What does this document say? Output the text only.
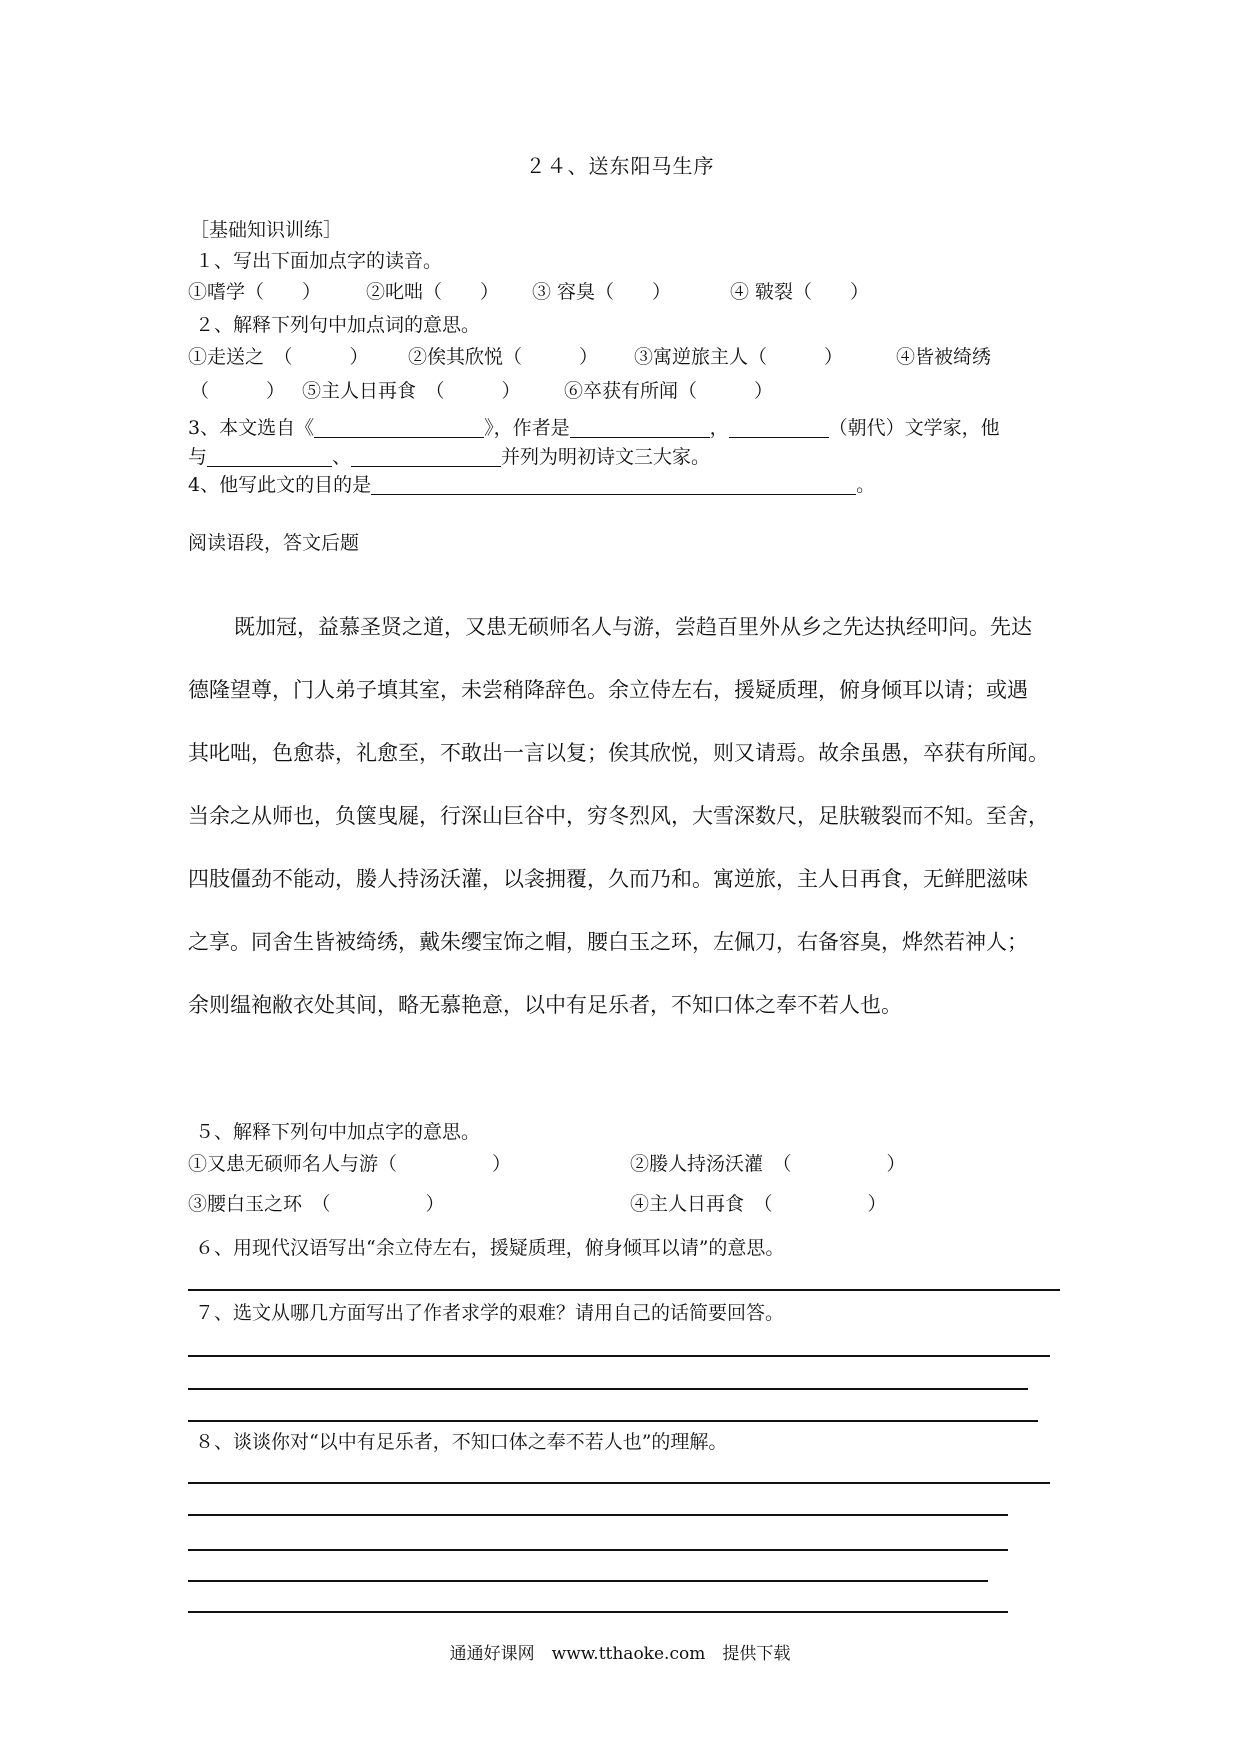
２４、送东阳马生序
［基础知识训练］
１、写出下面加点字的读音。
①嗜学（　　） ②叱咄（　　） ③ 容臭（　　）	④ 皲裂（　　）
２、解释下列句中加点词的意思。
①走送之　（　　　） ②俟其欣悦（　　　） ③寓逆旅主人（　　　）	④皆被绮绣
（　　　） ⑤主人日再食　（　　　） ⑥卒获有所闻（　　　）
3、本文选自《	》，作者是	，	（朝代）文学家，他
与	、	并列为明初诗文三大家。
4、他写此文的目的是	。
阅读语段，答文后题
既加冠，益慕圣贤之道，又患无硕师名人与游，尝趋百里外从乡之先达执经叩问。先达
德隆望尊，门人弟子填其室，未尝稍降辞色。余立侍左右，援疑质理，俯身倾耳以请；或遇
其叱咄，色愈恭，礼愈至，不敢出一言以复；俟其欣悦，则又请焉。故余虽愚，卒获有所闻。
当余之从师也，负箧曳屣，行深山巨谷中，穷冬烈风，大雪深数尺，足肤皲裂而不知。至舍，
四肢僵劲不能动，媵人持汤沃灌，以衾拥覆，久而乃和。寓逆旅，主人日再食，无鲜肥滋味
之享。同舍生皆被绮绣，戴朱缨宝饰之帽，腰白玉之环，左佩刀，右备容臭，烨然若神人；
余则缊袍敝衣处其间，略无慕艳意，以中有足乐者，不知口体之奉不若人也。
５、解释下列句中加点字的意思。
①又患无硕师名人与游（　　　　　）	②媵人持汤沃灌　（　　　　　）
③腰白玉之环　（　　　　　）	④主人日再食　（　　　　　）
６、用现代汉语写出“余立侍左右，援疑质理，俯身倾耳以请”的意思。
７、选文从哪几方面写出了作者求学的艰难？请用自己的话简要回答。
８、谈谈你对“以中有足乐者，不知口体之奉不若人也”的理解。
通通好课网　www.tthaoke.com　提供下载
